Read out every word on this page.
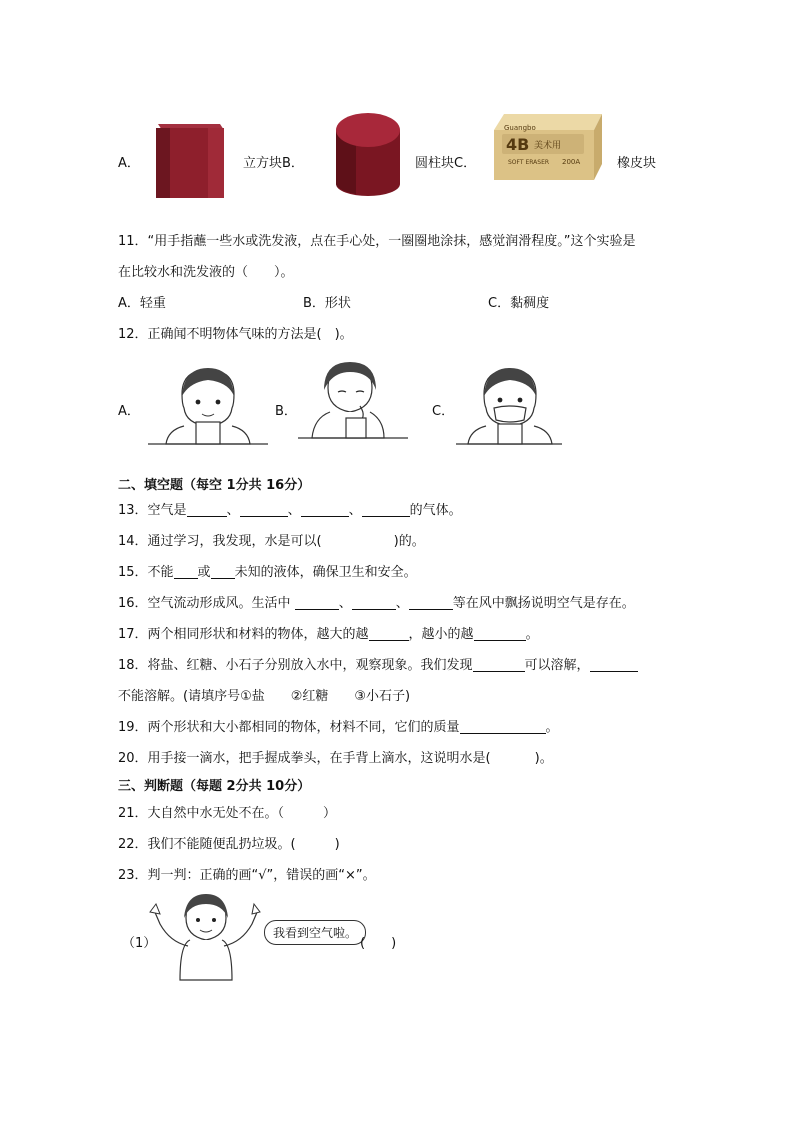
A．	立方块B．	圆柱块C．
Guangbo
4B 美术用
SOFT ERASER 200A	橡皮块
11．“用手指蘸一些水或洗发液，点在手心处，一圈圈地涂抹，感觉润滑程度。”这个实验是
在比较水和洗发液的（　　）。
A．轻重	B．形状	C．黏稠度
12．正确闻不明物体气味的方法是(　)。
A．	B．	C．
二、填空题（每空 1分共 16分）
13．空气是	、	、	、	的气体。
14．通过学习，我发现，水是可以(	)的。
15．不能 或 未知的液体，确保卫生和安全。
16．空气流动形成风。生活中	、	、	等在风中飘扬说明空气是存在。
17．两个相同形状和材料的物体，越大的越	，越小的越	。
18．将盐、红糖、小石子分别放入水中，观察现象。我们发现	可以溶解，
不能溶解。(请填序号①盐　　②红糖　　③小石子)
19．两个形状和大小都相同的物体，材料不同，它们的质量	。
20．用手接一滴水，把手握成拳头，在手背上滴水，这说明水是(	)。
三、判断题（每题 2分共 10分）
21．大自然中水无处不在。（　　　）
22．我们不能随便乱扔垃圾。(　　　)
23．判一判：正确的画“√”，错误的画“×”。
（1）
我看到空气啦。
(　　)
